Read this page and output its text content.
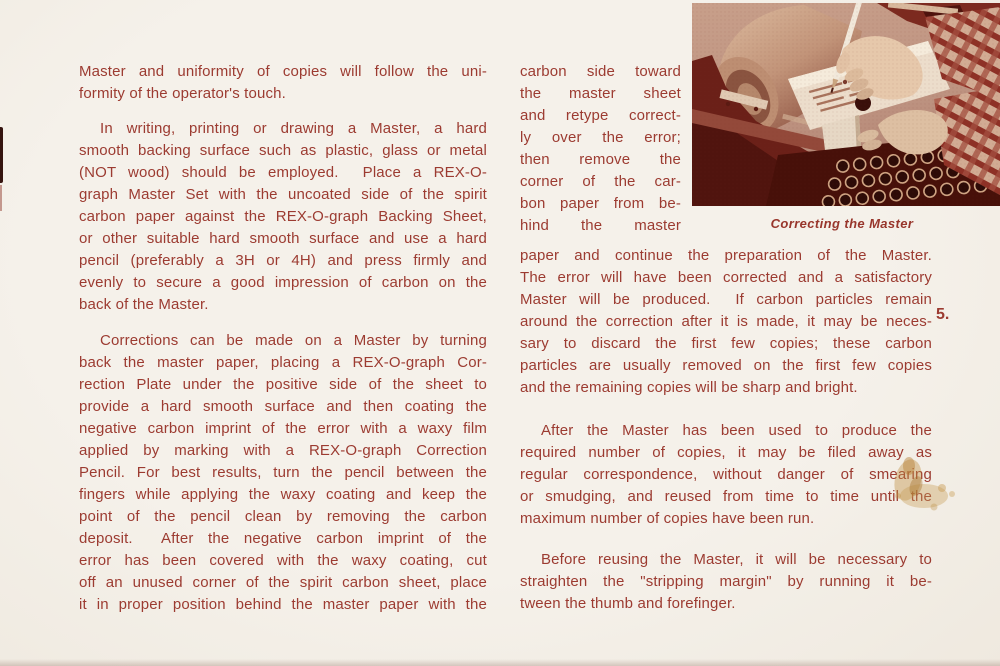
Correcting the Master
Master and uniformity of copies will follow the uni-
formity of the operator's touch.
In writing, printing or drawing a Master, a hard
smooth backing surface such as plastic, glass or metal
(NOT wood) should be employed.  Place a REX-O-
graph Master Set with the uncoated side of the spirit
carbon paper against the REX-O-graph Backing Sheet,
or other suitable hard smooth surface and use a hard
pencil (preferably a 3H or 4H) and press firmly and
evenly to secure a good impression of carbon on the
back of the Master.
Corrections can be made on a Master by turning
back the master paper, placing a REX-O-graph Cor-
rection Plate under the positive side of the sheet to
provide a hard smooth surface and then coating the
negative carbon imprint of the error with a waxy film
applied by marking with a REX-O-graph Correction
Pencil. For best results, turn the pencil between the
fingers while applying the waxy coating and keep the
point of the pencil clean by removing the carbon
deposit.  After the negative carbon imprint of the
error has been covered with the waxy coating, cut
off an unused corner of the spirit carbon sheet, place
it in proper position behind the master paper with the
carbon side toward
the master sheet
and retype correct-
ly over the error;
then remove the
corner of the car-
bon paper from be-
hind the master
paper and continue the preparation of the Master.
The error will have been corrected and a satisfactory
Master will be produced.  If carbon particles remain
around the correction after it is made, it may be neces-
sary to discard the first few copies; these carbon
particles are usually removed on the first few copies
and the remaining copies will be sharp and bright.
After the Master has been used to produce the
required number of copies, it may be filed away as
regular correspondence, without danger of smearing
or smudging, and reused from time to time until the
maximum number of copies have been run.
Before reusing the Master, it will be necessary to
straighten the "stripping margin" by running it be-
tween the thumb and forefinger.
5.
